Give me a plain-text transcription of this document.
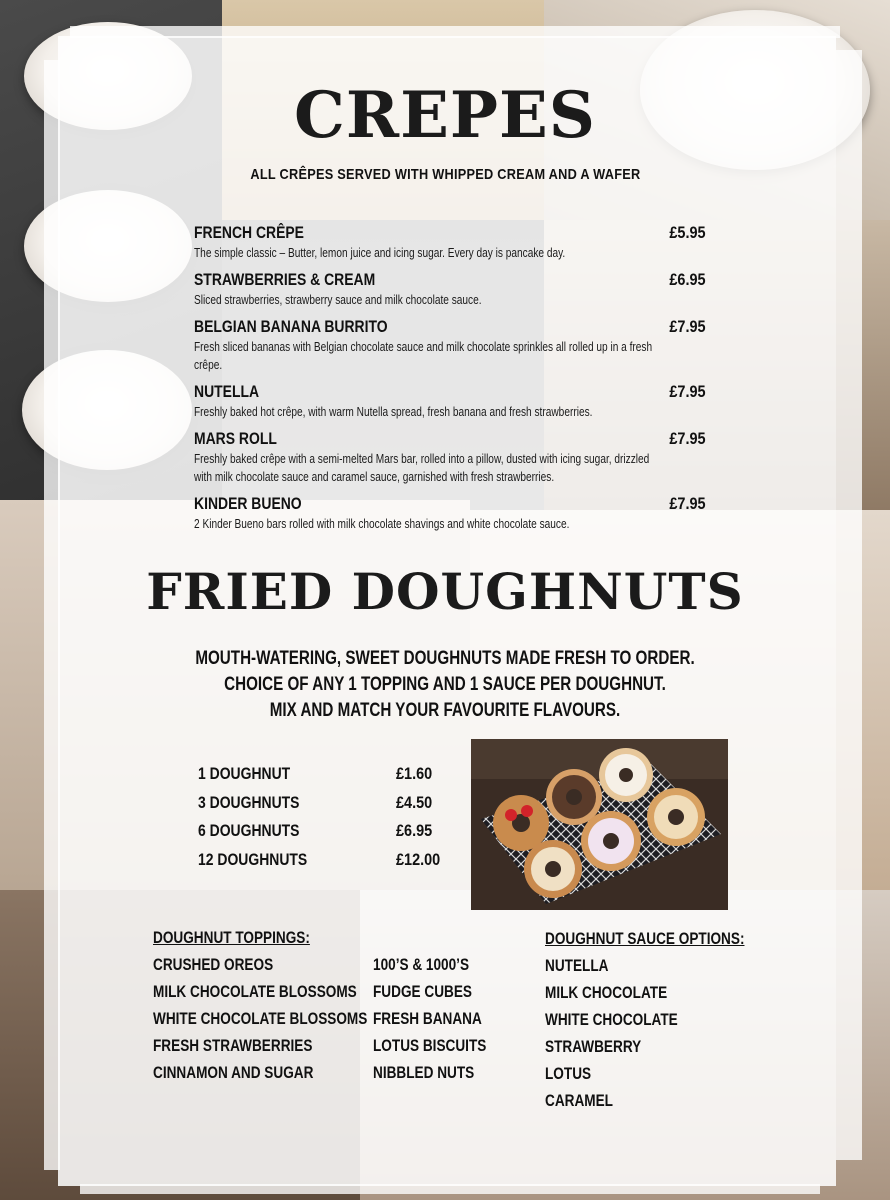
CREPES
ALL CRÊPES SERVED WITH WHIPPED CREAM AND A WAFER
FRENCH CRÊPE	£5.95
The simple classic – Butter, lemon juice and icing sugar. Every day is pancake day.
STRAWBERRIES & CREAM	£6.95
Sliced strawberries, strawberry sauce and milk chocolate sauce.
BELGIAN BANANA BURRITO	£7.95
Fresh sliced bananas with Belgian chocolate sauce and milk chocolate sprinkles all rolled up in a fresh crêpe.
NUTELLA	£7.95
Freshly baked hot crêpe, with warm Nutella spread, fresh banana and fresh strawberries.
MARS ROLL	£7.95
Freshly baked crêpe with a semi-melted Mars bar, rolled into a pillow, dusted with icing sugar, drizzled with milk chocolate sauce and caramel sauce, garnished with fresh strawberries.
KINDER BUENO	£7.95
2 Kinder Bueno bars rolled with milk chocolate shavings and white chocolate sauce.
FRIED DOUGHNUTS
MOUTH-WATERING, SWEET DOUGHNUTS MADE FRESH TO ORDER.
CHOICE OF ANY 1 TOPPING AND 1 SAUCE PER DOUGHNUT.
MIX AND MATCH YOUR FAVOURITE FLAVOURS.
1 DOUGHNUT	£1.60
3 DOUGHNUTS	£4.50
6 DOUGHNUTS	£6.95
12 DOUGHNUTS	£12.00
DOUGHNUT TOPPINGS:
CRUSHED OREOS
MILK CHOCOLATE BLOSSOMS
WHITE CHOCOLATE BLOSSOMS
FRESH STRAWBERRIES
CINNAMON AND SUGAR
100’S & 1000’S
FUDGE CUBES
FRESH BANANA
LOTUS BISCUITS
NIBBLED NUTS
DOUGHNUT SAUCE OPTIONS:
NUTELLA
MILK CHOCOLATE
WHITE CHOCOLATE
STRAWBERRY
LOTUS
CARAMEL
